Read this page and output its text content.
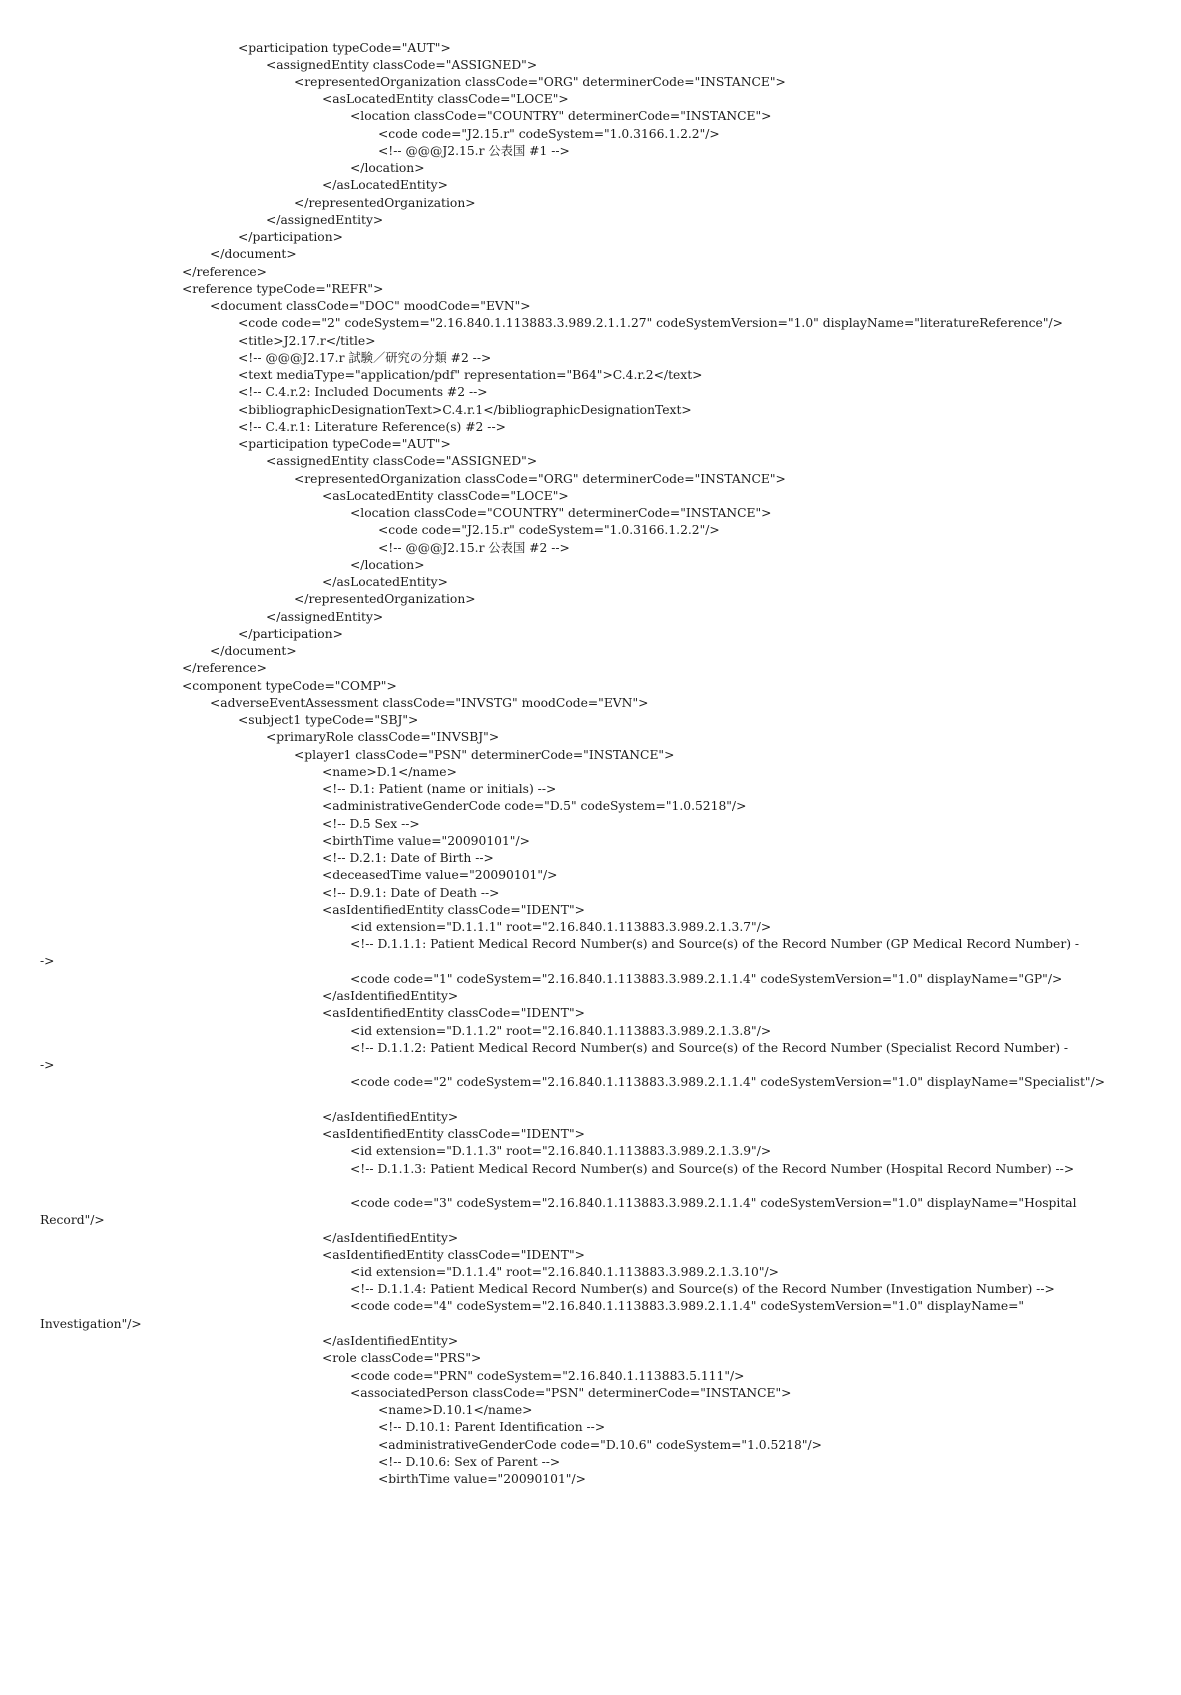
<participation typeCode="AUT">
<assignedEntity classCode="ASSIGNED">
<representedOrganization classCode="ORG" determinerCode="INSTANCE">
<asLocatedEntity classCode="LOCE">
<location classCode="COUNTRY" determinerCode="INSTANCE">
<code code="J2.15.r" codeSystem="1.0.3166.1.2.2"/>
<!-- @@@J2.15.r 公表国 #1 -->
</location>
</asLocatedEntity>
</representedOrganization>
</assignedEntity>
</participation>
</document>
</reference>
<reference typeCode="REFR">
<document classCode="DOC" moodCode="EVN">
<code code="2" codeSystem="2.16.840.1.113883.3.989.2.1.1.27" codeSystemVersion="1.0" displayName="literatureReference"/>
<title>J2.17.r</title>
<!-- @@@J2.17.r 試験／研究の分類 #2 -->
<text mediaType="application/pdf" representation="B64">C.4.r.2</text>
<!-- C.4.r.2: Included Documents #2 -->
<bibliographicDesignationText>C.4.r.1</bibliographicDesignationText>
<!-- C.4.r.1: Literature Reference(s) #2 -->
<participation typeCode="AUT">
<assignedEntity classCode="ASSIGNED">
<representedOrganization classCode="ORG" determinerCode="INSTANCE">
<asLocatedEntity classCode="LOCE">
<location classCode="COUNTRY" determinerCode="INSTANCE">
<code code="J2.15.r" codeSystem="1.0.3166.1.2.2"/>
<!-- @@@J2.15.r 公表国 #2 -->
</location>
</asLocatedEntity>
</representedOrganization>
</assignedEntity>
</participation>
</document>
</reference>
<component typeCode="COMP">
<adverseEventAssessment classCode="INVSTG" moodCode="EVN">
<subject1 typeCode="SBJ">
<primaryRole classCode="INVSBJ">
<player1 classCode="PSN" determinerCode="INSTANCE">
<name>D.1</name>
<!-- D.1: Patient (name or initials) -->
<administrativeGenderCode code="D.5" codeSystem="1.0.5218"/>
<!-- D.5 Sex -->
<birthTime value="20090101"/>
<!-- D.2.1: Date of Birth -->
<deceasedTime value="20090101"/>
<!-- D.9.1: Date of Death -->
<asIdentifiedEntity classCode="IDENT">
<id extension="D.1.1.1" root="2.16.840.1.113883.3.989.2.1.3.7"/>
<!-- D.1.1.1: Patient Medical Record Number(s) and Source(s) of the Record Number (GP Medical Record Number) -
->
<code code="1" codeSystem="2.16.840.1.113883.3.989.2.1.1.4" codeSystemVersion="1.0" displayName="GP"/>
</asIdentifiedEntity>
<asIdentifiedEntity classCode="IDENT">
<id extension="D.1.1.2" root="2.16.840.1.113883.3.989.2.1.3.8"/>
<!-- D.1.1.2: Patient Medical Record Number(s) and Source(s) of the Record Number (Specialist Record Number) -
->
<code code="2" codeSystem="2.16.840.1.113883.3.989.2.1.1.4" codeSystemVersion="1.0" displayName="Specialist"/>
</asIdentifiedEntity>
<asIdentifiedEntity classCode="IDENT">
<id extension="D.1.1.3" root="2.16.840.1.113883.3.989.2.1.3.9"/>
<!-- D.1.1.3: Patient Medical Record Number(s) and Source(s) of the Record Number (Hospital Record Number) -->
<code code="3" codeSystem="2.16.840.1.113883.3.989.2.1.1.4" codeSystemVersion="1.0" displayName="Hospital
Record"/>
</asIdentifiedEntity>
<asIdentifiedEntity classCode="IDENT">
<id extension="D.1.1.4" root="2.16.840.1.113883.3.989.2.1.3.10"/>
<!-- D.1.1.4: Patient Medical Record Number(s) and Source(s) of the Record Number (Investigation Number) -->
<code code="4" codeSystem="2.16.840.1.113883.3.989.2.1.1.4" codeSystemVersion="1.0" displayName="
Investigation"/>
</asIdentifiedEntity>
<role classCode="PRS">
<code code="PRN" codeSystem="2.16.840.1.113883.5.111"/>
<associatedPerson classCode="PSN" determinerCode="INSTANCE">
<name>D.10.1</name>
<!-- D.10.1: Parent Identification -->
<administrativeGenderCode code="D.10.6" codeSystem="1.0.5218"/>
<!-- D.10.6: Sex of Parent -->
<birthTime value="20090101"/>
